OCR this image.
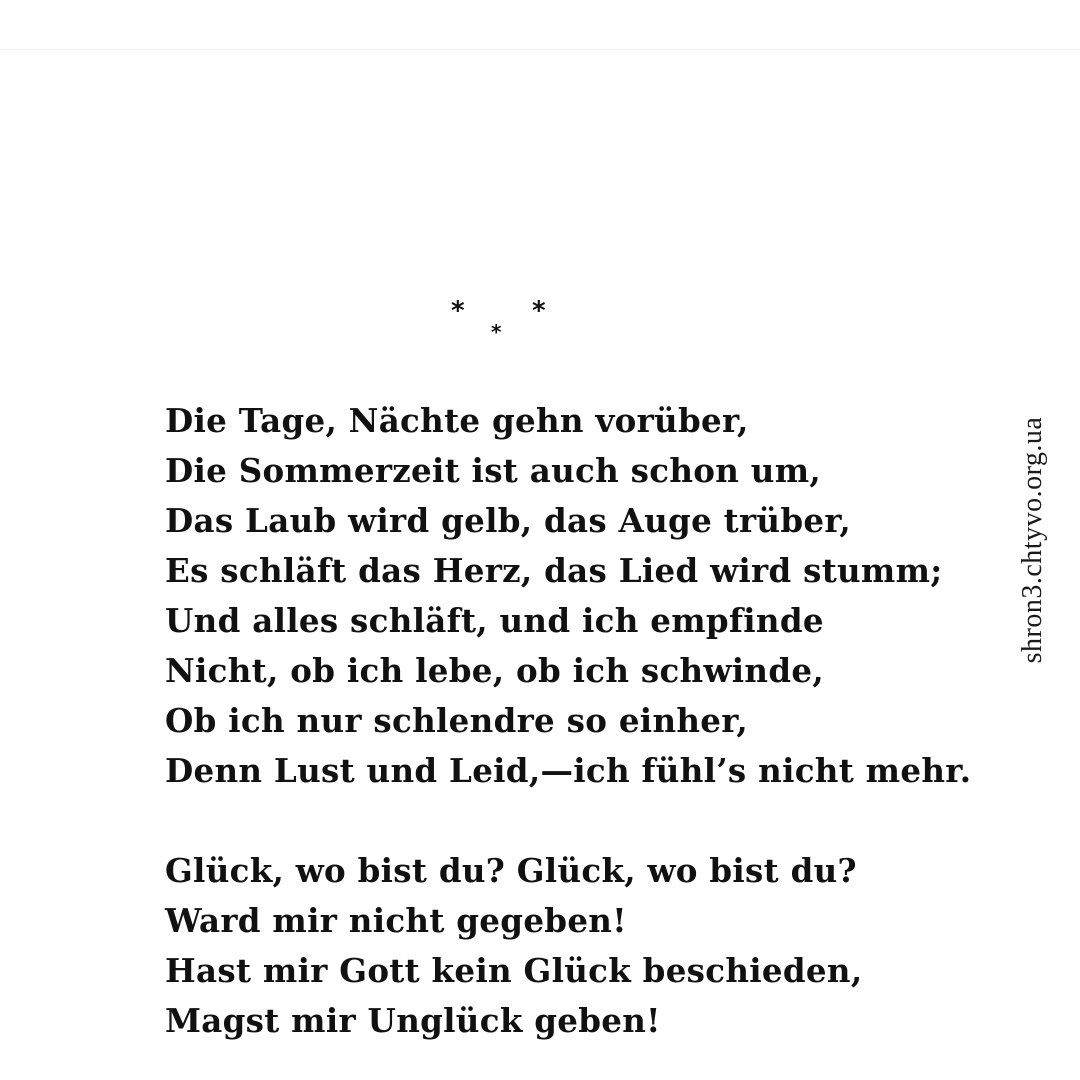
*
*
*
Die Tage, Nächte gehn vorüber,
Die Sommerzeit ist auch schon um,
Das Laub wird gelb, das Auge trüber,
Es schläft das Herz, das Lied wird stumm;
Und alles schläft, und ich empfinde
Nicht, ob ich lebe, ob ich schwinde,
Ob ich nur schlendre so einher,
Denn Lust und Leid,—ich fühl’s nicht mehr.
Glück, wo bist du? Glück, wo bist du?
Ward mir nicht gegeben!
Hast mir Gott kein Glück beschieden,
Magst mir Unglück geben!
shron3.chtyvo.org.ua
